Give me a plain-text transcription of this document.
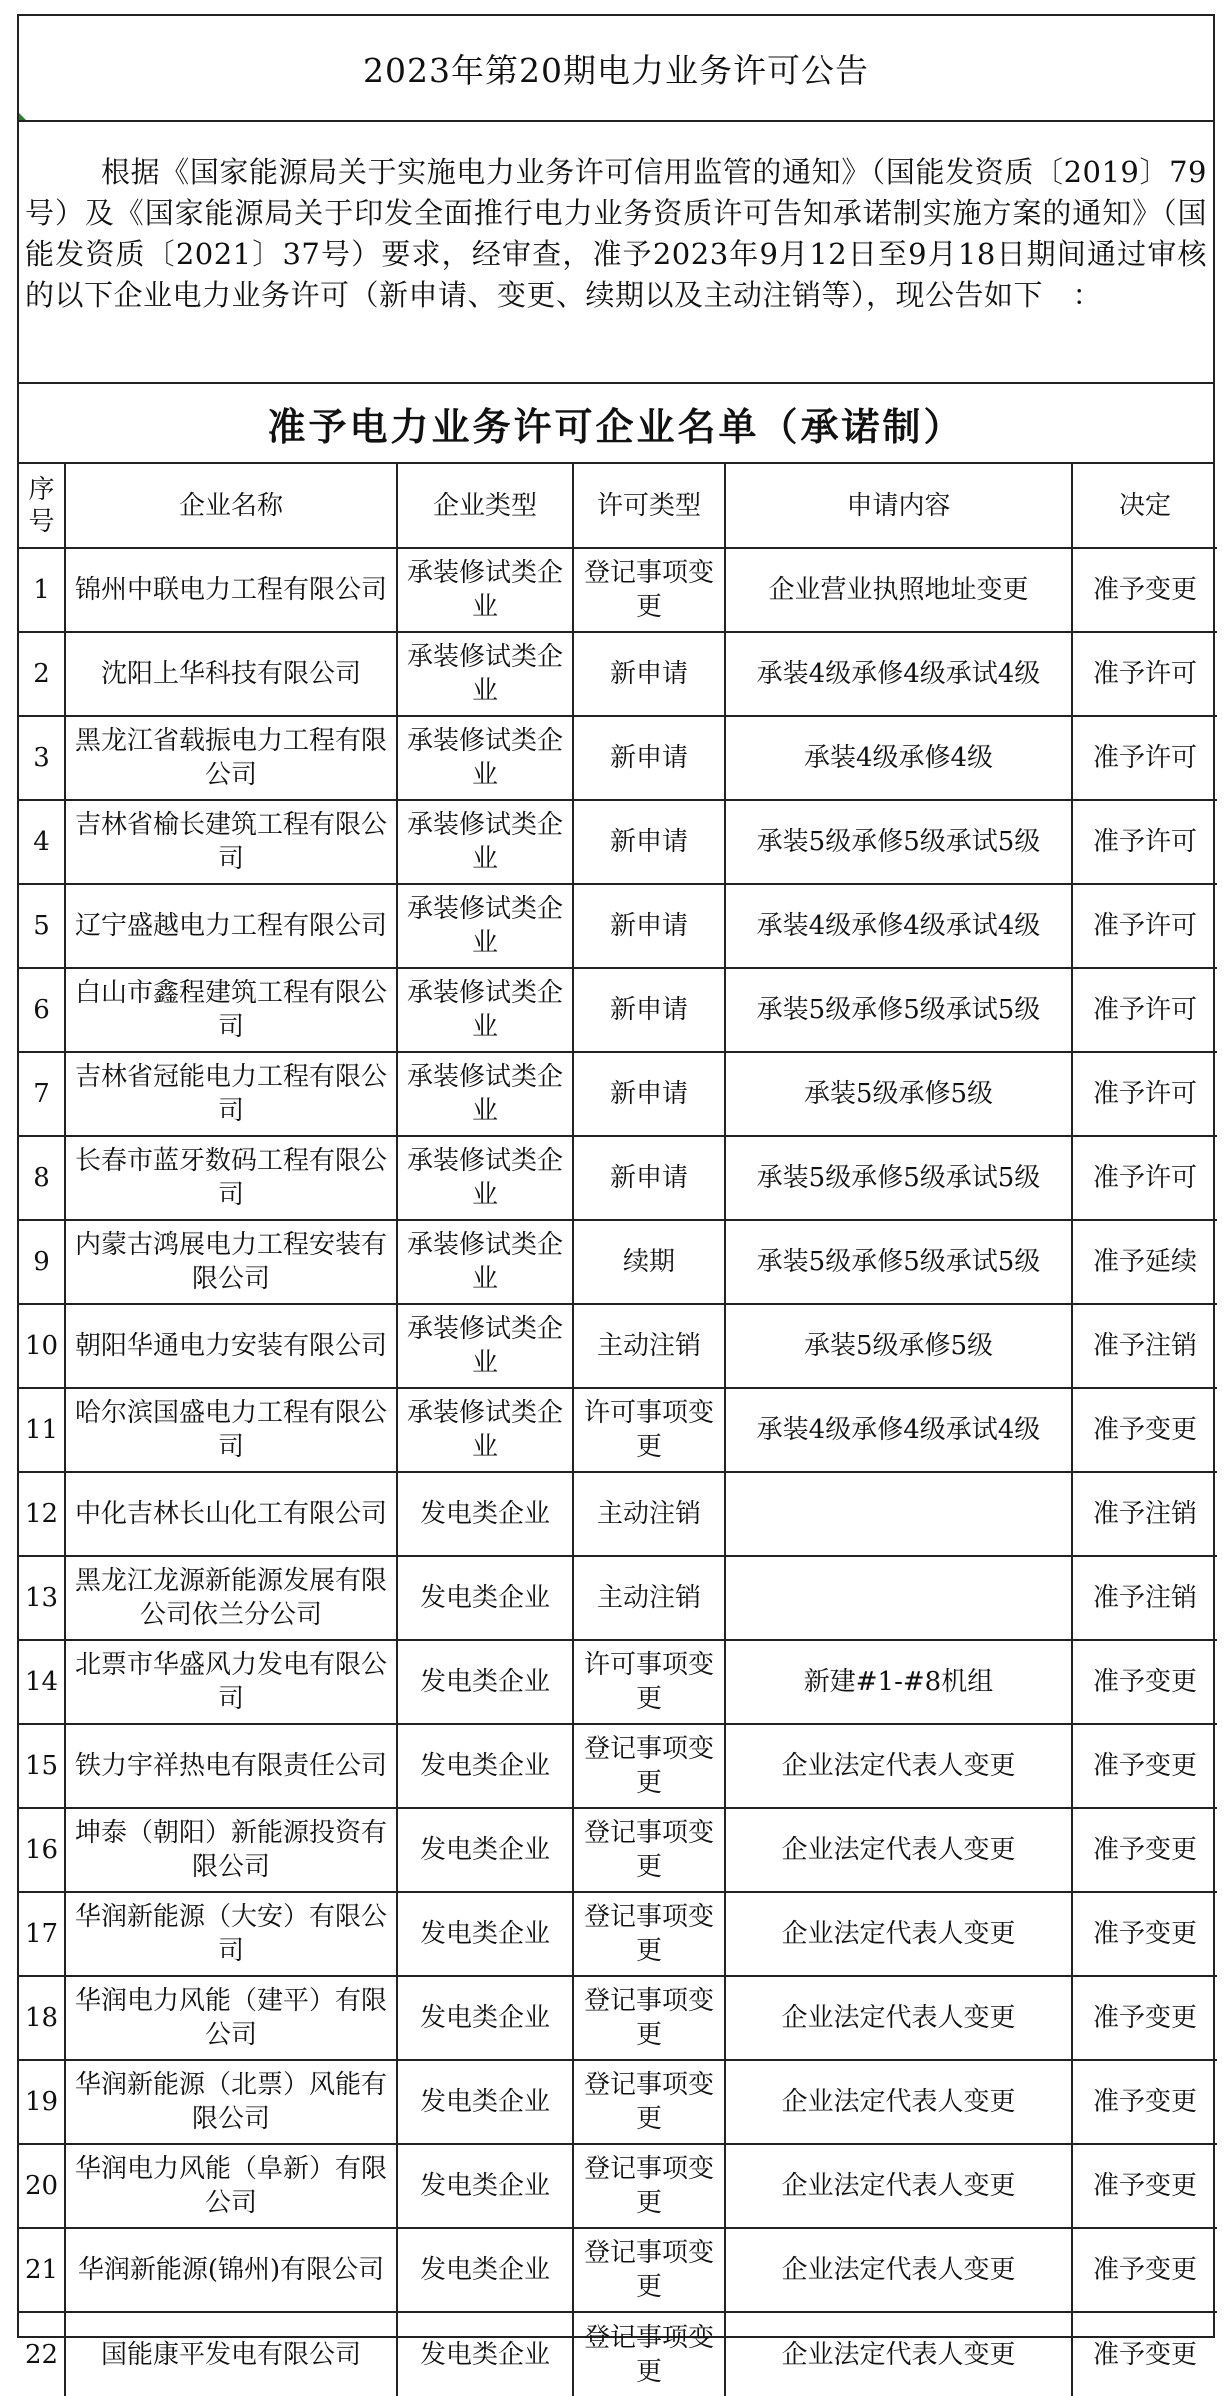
2023年第20期电力业务许可公告

根据《国家能源局关于实施电力业务许可信用监管的通知》（国能发资质〔2019〕79号）及《国家能源局关于印发全面推行电力业务资质许可告知承诺制实施方案的通知》（国能发资质〔2021〕37号）要求，经审查，准予2023年9月12日至9月18日期间通过审核的以下企业电力业务许可（新申请、变更、续期以及主动注销等），现公告如下　：

准予电力业务许可企业名单（承诺制）
序号	企业名称	企业类型	许可类型	申请内容	决定
1	锦州中联电力工程有限公司	承装修试类企业	登记事项变更	企业营业执照地址变更	准予变更
2	沈阳上华科技有限公司	承装修试类企业	新申请	承装4级承修4级承试4级	准予许可
3	黑龙江省载振电力工程有限公司	承装修试类企业	新申请	承装4级承修4级	准予许可
4	吉林省榆长建筑工程有限公司	承装修试类企业	新申请	承装5级承修5级承试5级	准予许可
5	辽宁盛越电力工程有限公司	承装修试类企业	新申请	承装4级承修4级承试4级	准予许可
6	白山市鑫程建筑工程有限公司	承装修试类企业	新申请	承装5级承修5级承试5级	准予许可
7	吉林省冠能电力工程有限公司	承装修试类企业	新申请	承装5级承修5级	准予许可
8	长春市蓝牙数码工程有限公司	承装修试类企业	新申请	承装5级承修5级承试5级	准予许可
9	内蒙古鸿展电力工程安装有限公司	承装修试类企业	续期	承装5级承修5级承试5级	准予延续
10	朝阳华通电力安装有限公司	承装修试类企业	主动注销	承装5级承修5级	准予注销
11	哈尔滨国盛电力工程有限公司	承装修试类企业	许可事项变更	承装4级承修4级承试4级	准予变更
12	中化吉林长山化工有限公司	发电类企业	主动注销		准予注销
13	黑龙江龙源新能源发展有限公司依兰分公司	发电类企业	主动注销		准予注销
14	北票市华盛风力发电有限公司	发电类企业	许可事项变更	新建#1-#8机组	准予变更
15	铁力宇祥热电有限责任公司	发电类企业	登记事项变更	企业法定代表人变更	准予变更
16	坤泰（朝阳）新能源投资有限公司	发电类企业	登记事项变更	企业法定代表人变更	准予变更
17	华润新能源（大安）有限公司	发电类企业	登记事项变更	企业法定代表人变更	准予变更
18	华润电力风能（建平）有限公司	发电类企业	登记事项变更	企业法定代表人变更	准予变更
19	华润新能源（北票）风能有限公司	发电类企业	登记事项变更	企业法定代表人变更	准予变更
20	华润电力风能（阜新）有限公司	发电类企业	登记事项变更	企业法定代表人变更	准予变更
21	华润新能源(锦州)有限公司	发电类企业	登记事项变更	企业法定代表人变更	准予变更
22	国能康平发电有限公司	发电类企业	登记事项变更	企业法定代表人变更	准予变更
